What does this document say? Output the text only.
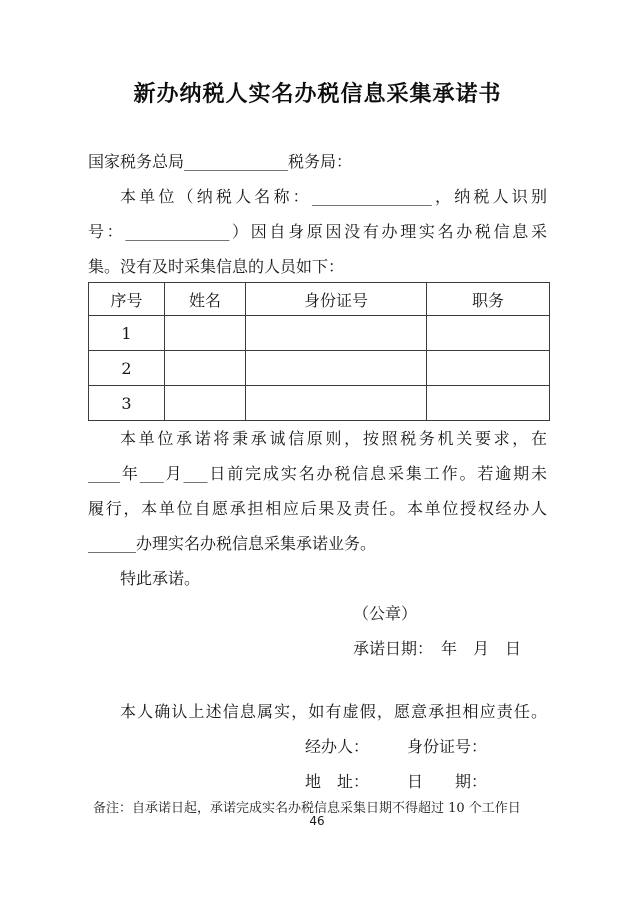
新办纳税人实名办税信息采集承诺书
国家税务总局_____________税务局：
本单位（纳税人名称：_______________，纳税人识别
号：_____________）因自身原因没有办理实名办税信息采
集。没有及时采集信息的人员如下：
序号	姓名	身份证号	职务
1			
2			
3			
本单位承诺将秉承诚信原则，按照税务机关要求，在
____年___月___日前完成实名办税信息采集工作。若逾期未
履行，本单位自愿承担相应后果及责任。本单位授权经办人
______办理实名办税信息采集承诺业务。
特此承诺。
（公章）
承诺日期：　年　月　日
本人确认上述信息属实，如有虚假，愿意承担相应责任。
经办人： 身份证号：
地　址： 日　　期：
备注：自承诺日起，承诺完成实名办税信息采集日期不得超过 10 个工作日
46
